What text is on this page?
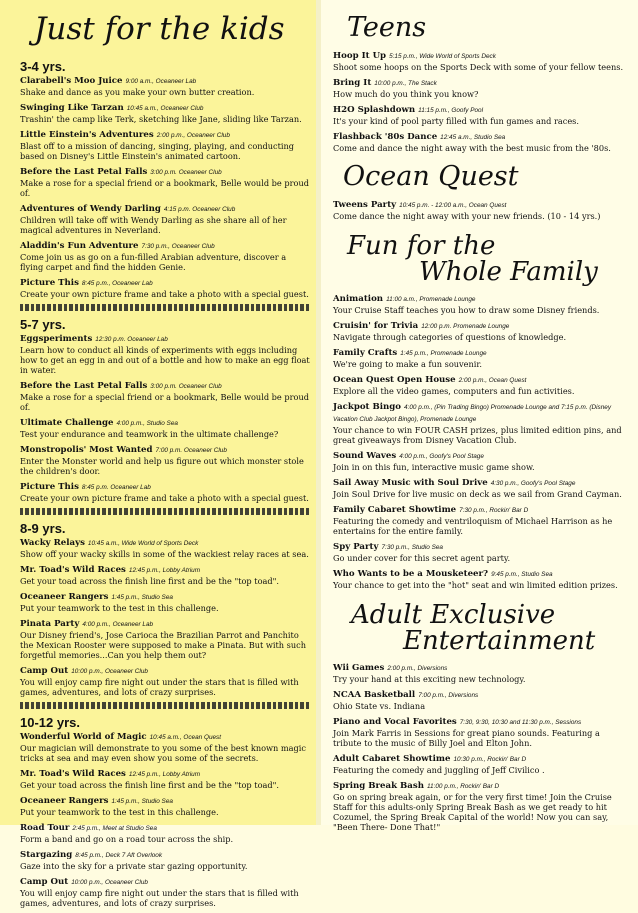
Just for the kids
3-4 yrs.
Clarabell's Moo Juice 9:00 a.m., Oceaneer Lab
Shake and dance as you make your own butter creation.
Swinging Like Tarzan 10:45 a.m., Oceaneer Club
Trashin' the camp like Terk, sketching like Jane, sliding like Tarzan.
Little Einstein's Adventures 2:00 p.m., Oceaneer Club
Blast off to a mission of dancing, singing, playing, and conducting based on Disney's Little Einstein's animated cartoon.
Before the Last Petal Falls 3:00 p.m. Oceaneer Club
Make a rose for a special friend or a bookmark, Belle would be proud of.
Adventures of Wendy Darling 4:15 p.m. Oceaneer Club
Children will take off with Wendy Darling as she share all of her magical adventures in Neverland.
Aladdin's Fun Adventure 7:30 p.m., Oceaneer Club
Come join us as go on a fun-filled Arabian adventure, discover a flying carpet and find the hidden Genie.
Picture This 8:45 p.m., Oceaneer Lab
Create your own picture frame and take a photo with a special guest.
5-7 yrs.
Eggsperiments 12:30 p.m. Oceaneer Lab
Learn how to conduct all kinds of experiments with eggs including how to get an egg in and out of a bottle and how to make an egg float in water.
Before the Last Petal Falls 3:00 p.m. Oceaneer Club
Make a rose for a special friend or a bookmark, Belle would be proud of.
Ultimate Challenge 4:00 p.m., Studio Sea
Test your endurance and teamwork in the ultimate challenge?
Monstropolis' Most Wanted 7:00 p.m. Oceaneer Club
Enter the Monster world and help us figure out which monster stole the children's door.
Picture This 8:45 p.m. Oceaneer Lab
Create your own picture frame and take a photo with a special guest.
8-9 yrs.
Wacky Relays 10:45 a.m., Wide World of Sports Deck
Show off your wacky skills in some of the wackiest relay races at sea.
Mr. Toad's Wild Races 12:45 p.m., Lobby Atrium
Get your toad across the finish line first and be the "top toad".
Oceaneer Rangers 1:45 p.m., Studio Sea
Put your teamwork to the test in this challenge.
Pinata Party 4:00 p.m., Oceaneer Lab
Our Disney friend's, Jose Carioca the Brazilian Parrot and Panchito the Mexican Rooster were supposed to make a Pinata. But with such forgetful memories...Can you help them out?
Camp Out 10:00 p.m., Oceaneer Club
You will enjoy camp fire night out under the stars that is filled with games, adventures, and lots of crazy surprises.
10-12 yrs.
Wonderful World of Magic 10:45 a.m., Ocean Quest
Our magician will demonstrate to you some of the best known magic tricks at sea and may even show you some of the secrets.
Mr. Toad's Wild Races 12:45 p.m., Lobby Atrium
Get your toad across the finish line first and be the "top toad".
Oceaneer Rangers 1:45 p.m., Studio Sea
Put your teamwork to the test in this challenge.
Road Tour 2:45 p.m., Meet at Studio Sea
Form a band and go on a road tour across the ship.
Stargazing 8:45 p.m., Deck 7 Aft Overlook
Gaze into the sky for a private star gazing opportunity.
Camp Out 10:00 p.m., Oceaneer Club
You will enjoy camp fire night out under the stars that is filled with games, adventures, and lots of crazy surprises.
Teens
Hoop It Up 5:15 p.m., Wide World of Sports Deck
Shoot some hoops on the Sports Deck with some of your fellow teens.
Bring It 10:00 p.m., The Stack
How much do you think you know?
H2O Splashdown 11:15 p.m., Goofy Pool
It's your kind of pool party filled with fun games and races.
Flashback '80s Dance 12:45 a.m., Studio Sea
Come and dance the night away with the best music from the '80s.
Ocean Quest
Tweens Party 10:45 p.m. - 12:00 a.m., Ocean Quest
Come dance the night away with your new friends. (10 - 14 yrs.)
Fun for the
Whole Family
Animation 11:00 a.m., Promenade Lounge
Your Cruise Staff teaches you how to draw some Disney friends.
Cruisin' for Trivia 12:00 p.m. Promenade Lounge
Navigate through categories of questions of knowledge.
Family Crafts 1:45 p.m., Promenade Lounge
We're going to make a fun souvenir.
Ocean Quest Open House 2:00 p.m., Ocean Quest
Explore all the video games, computers and fun activities.
Jackpot Bingo 4:00 p.m., (Pin Trading Bingo) Promenade Lounge and 7:15 p.m. (Disney Vacation Club Jackpot Bingo), Promenade Lounge
Your chance to win FOUR CASH prizes, plus limited edition pins, and great giveaways from Disney Vacation Club.
Sound Waves 4:00 p.m., Goofy's Pool Stage
Join in on this fun, interactive music game show.
Sail Away Music with Soul Drive 4:30 p.m., Goofy's Pool Stage
Join Soul Drive for live music on deck as we sail from Grand Cayman.
Family Cabaret Showtime 7:30 p.m., Rockin' Bar D
Featuring the comedy and ventriloquism of Michael Harrison as he entertains for the entire family.
Spy Party 7:30 p.m., Studio Sea
Go under cover for this secret agent party.
Who Wants to be a Mousketeer? 9:45 p.m., Studio Sea
Your chance to get into the "hot" seat and win limited edition prizes.
Adult Exclusive
Entertainment
Wii Games 2:00 p.m., Diversions
Try your hand at this exciting new technology.
NCAA Basketball 7:00 p.m., Diversions
Ohio State vs. Indiana
Piano and Vocal Favorites 7:30, 9:30, 10:30 and 11:30 p.m., Sessions
Join Mark Farris in Sessions for great piano sounds. Featuring a tribute to the music of Billy Joel and Elton John.
Adult Cabaret Showtime 10:30 p.m., Rockin' Bar D
Featuring the comedy and juggling of Jeff Civilico .
Spring Break Bash 11:00 p.m., Rockin' Bar D
Go on spring break again, or for the very first time! Join the Cruise Staff for this adults-only Spring Break Bash as we get ready to hit Cozumel, the Spring Break Capital of the world! Now you can say, "Been There- Done That!"
